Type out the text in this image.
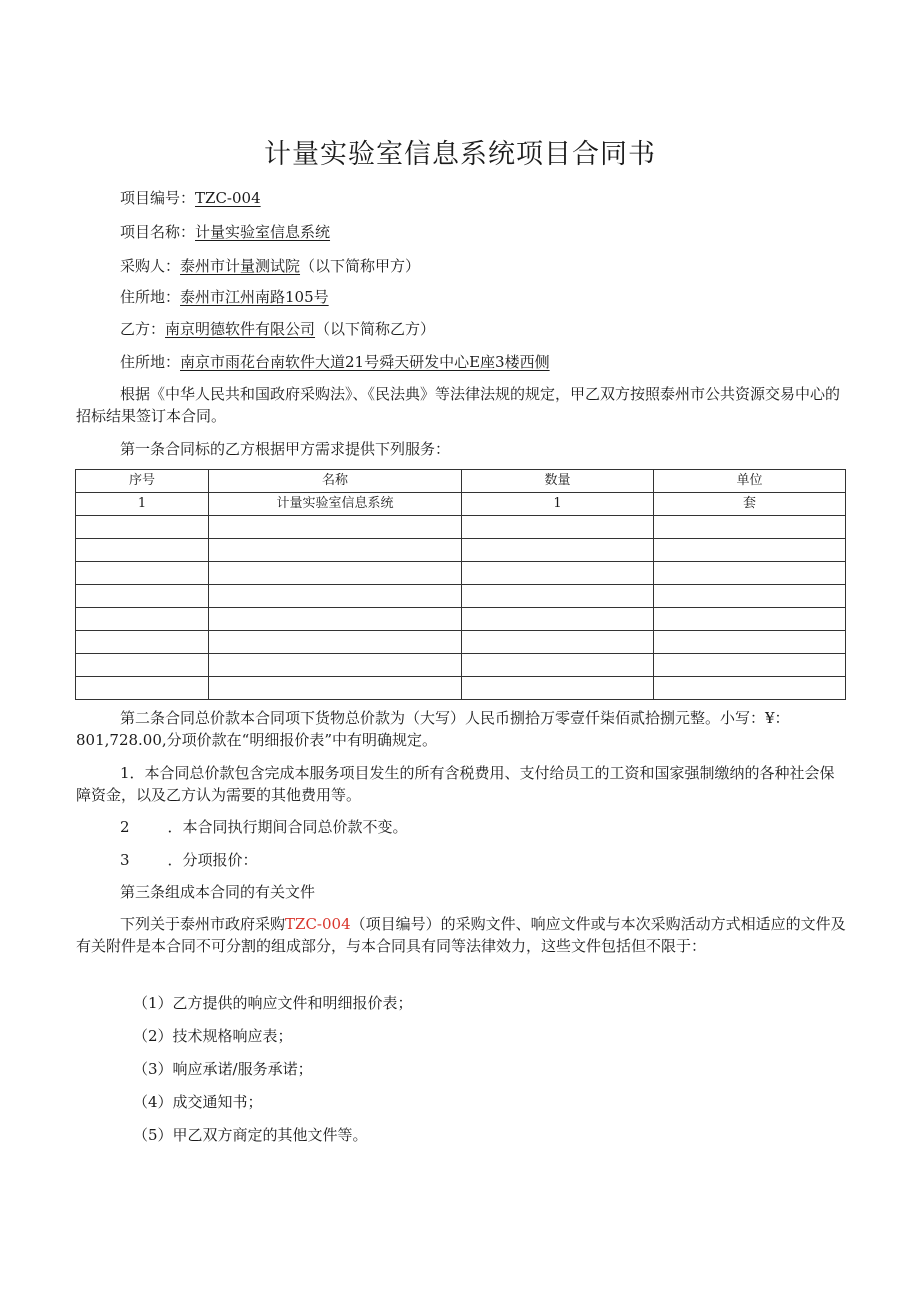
计量实验室信息系统项目合同书
项目编号：TZC-004
项目名称：计量实验室信息系统
采购人：泰州市计量测试院（以下简称甲方）
住所地：泰州市江州南路105号
乙方：南京明德软件有限公司（以下简称乙方）
住所地：南京市雨花台南软件大道21号舜天研发中心E座3楼西侧
根据《中华人民共和国政府采购法》、《民法典》等法律法规的规定，甲乙双方按照泰州市公共资源交易中心的招标结果签订本合同。
第一条合同标的乙方根据甲方需求提供下列服务：
序号	名称	数量	单位
1	计量实验室信息系统	1	套

第二条合同总价款本合同项下货物总价款为（大写）人民币捌拾万零壹仟柒佰贰拾捌元整。小写：¥：801,728.00,分项价款在“明细报价表”中有明确规定。
1．本合同总价款包含完成本服务项目发生的所有含税费用、支付给员工的工资和国家强制缴纳的各种社会保障资金，以及乙方认为需要的其他费用等。
2	．本合同执行期间合同总价款不变。
3	．分项报价：
第三条组成本合同的有关文件
下列关于泰州市政府采购TZC-004（项目编号）的采购文件、响应文件或与本次采购活动方式相适应的文件及有关附件是本合同不可分割的组成部分，与本合同具有同等法律效力，这些文件包括但不限于：
（1）乙方提供的响应文件和明细报价表；
（2）技术规格响应表；
（3）响应承诺/服务承诺；
（4）成交通知书；
（5）甲乙双方商定的其他文件等。
